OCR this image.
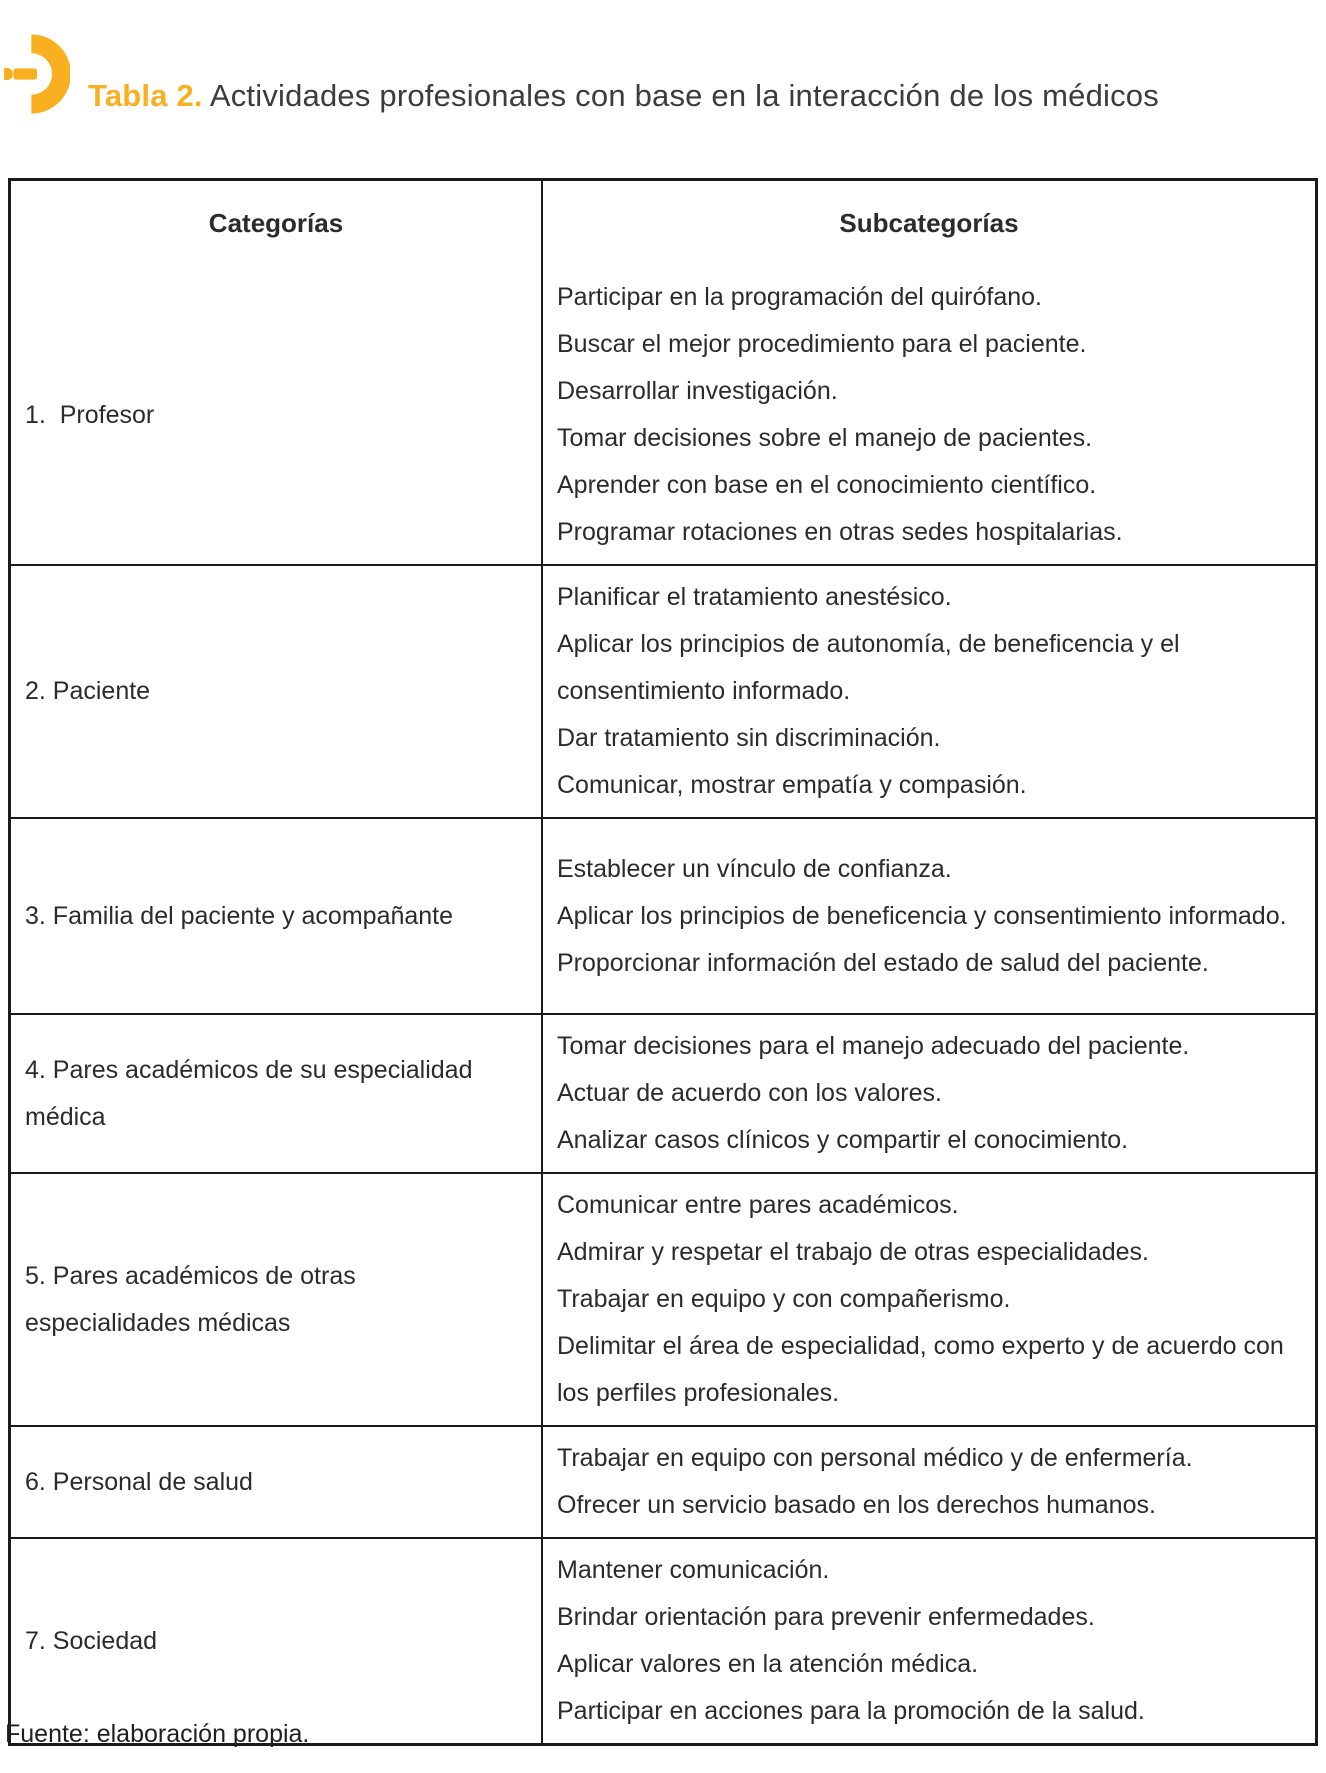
Tabla 2. Actividades profesionales con base en la interacción de los médicos
Categorías	Subcategorías

1.  Profesor

Participar en la programación del quirófano.

Buscar el mejor procedimiento para el paciente.

Desarrollar investigación.

Tomar decisiones sobre el manejo de pacientes.

Aprender con base en el conocimiento científico.

Programar rotaciones en otras sedes hospitalarias.

2. Paciente

Planificar el tratamiento anestésico.

Aplicar los principios de autonomía, de beneficencia y el consentimiento informado.

Dar tratamiento sin discriminación.

Comunicar, mostrar empatía y compasión.

3. Familia del paciente y acompañante

Establecer un vínculo de confianza.

Aplicar los principios de beneficencia y consentimiento informado.

Proporcionar información del estado de salud del paciente.

4. Pares académicos de su especialidad médica

Tomar decisiones para el manejo adecuado del paciente.

Actuar de acuerdo con los valores.

Analizar casos clínicos y compartir el conocimiento.

5. Pares académicos de otras especialidades médicas

Comunicar entre pares académicos.

Admirar y respetar el trabajo de otras especialidades.

Trabajar en equipo y con compañerismo.

Delimitar el área de especialidad, como experto y de acuerdo con los perfiles profesionales.

6. Personal de salud

Trabajar en equipo con personal médico y de enfermería.

Ofrecer un servicio basado en los derechos humanos.

7. Sociedad

Mantener comunicación.

Brindar orientación para prevenir enfermedades.

Aplicar valores en la atención médica.

Participar en acciones para la promoción de la salud.

Fuente: elaboración propia.
